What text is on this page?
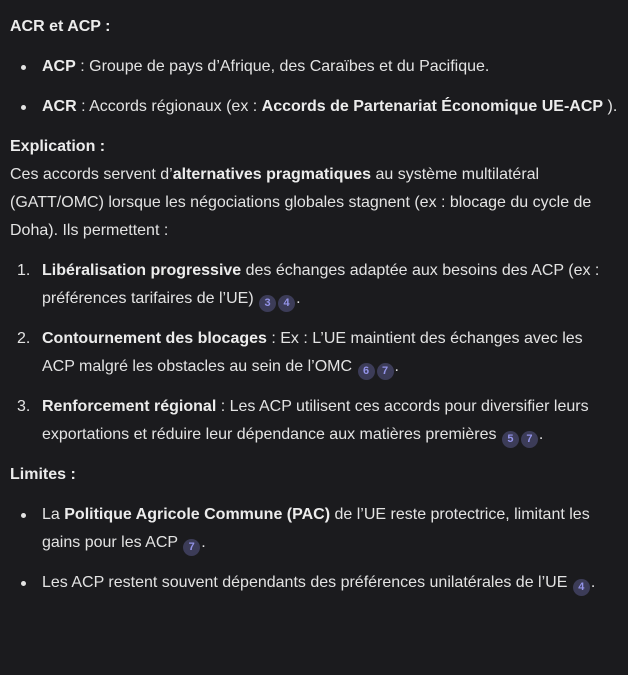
ACR et ACP :

ACP : Groupe de pays d’Afrique, des Caraïbes et du Pacifique.
ACR : Accords régionaux (ex : Accords de Partenariat Économique UE-ACP ).

Explication :
Ces accords servent d’alternatives pragmatiques au système multilatéral (GATT/OMC) lorsque les négociations globales stagnent (ex : blocage du cycle de Doha). Ils permettent :

1. Libéralisation progressive des échanges adaptée aux besoins des ACP (ex : préférences tarifaires de l’UE) 3 4 .
2. Contournement des blocages : Ex : L’UE maintient des échanges avec les ACP malgré les obstacles au sein de l’OMC 6 7 .
3. Renforcement régional : Les ACP utilisent ces accords pour diversifier leurs exportations et réduire leur dépendance aux matières premières 5 7 .

Limites :

La Politique Agricole Commune (PAC) de l’UE reste protectrice, limitant les gains pour les ACP 7 .
Les ACP restent souvent dépendants des préférences unilatérales de l’UE 4 .
